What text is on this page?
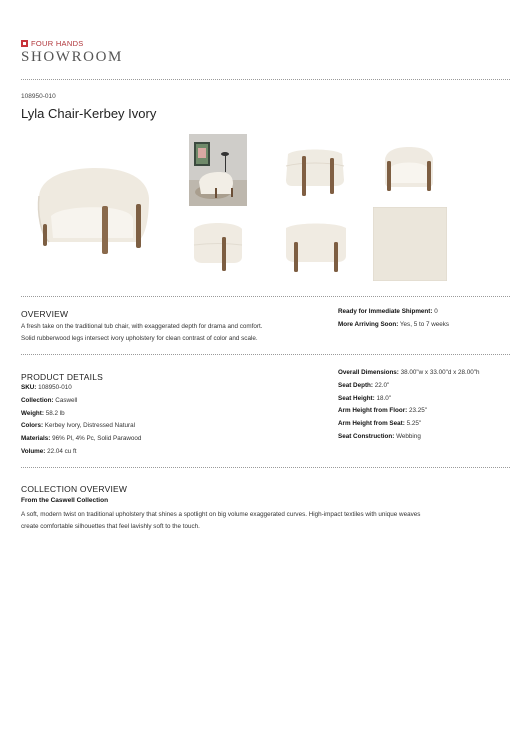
FOUR HANDS
SHOWROOM
108950-010
Lyla Chair-Kerbey Ivory
OVERVIEW
A fresh take on the traditional tub chair, with exaggerated depth for drama and comfort.
Solid rubberwood legs intersect ivory upholstery for clean contrast of color and scale.
Ready for Immediate Shipment: 0
More Arriving Soon: Yes, 5 to 7 weeks
PRODUCT DETAILS
SKU: 108950-010
Collection: Caswell
Weight: 58.2 lb
Colors: Kerbey Ivory, Distressed Natural
Materials: 96% Pl, 4% Pc, Solid Parawood
Volume: 22.04 cu ft
Overall Dimensions: 38.00"w x 33.00"d x 28.00"h
Seat Depth: 22.0"
Seat Height: 18.0"
Arm Height from Floor: 23.25"
Arm Height from Seat: 5.25"
Seat Construction: Webbing
COLLECTION OVERVIEW
From the Caswell Collection
A soft, modern twist on traditional upholstery that shines a spotlight on big volume exaggerated curves. High-impact textiles with unique weaves
create comfortable silhouettes that feel lavishly soft to the touch.
